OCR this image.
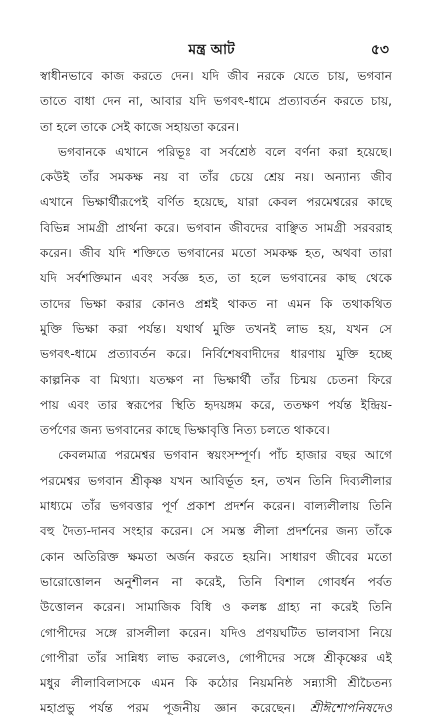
মন্ত্র আট	৫৩
স্বাধীনভাবে কাজ করতে দেন। যদি জীব নরকে যেতে চায়, ভগবান
তাতে বাধা দেন না, আবার যদি ভগবৎ-ধামে প্রত্যাবর্তন করতে চায়,
তা হলে তাকে সেই কাজে সহায়তা করেন।
ভগবানকে এখানে পরিভূঃ বা সর্বশ্রেষ্ঠ বলে বর্ণনা করা হয়েছে।
কেউই তাঁর সমকক্ষ নয় বা তাঁর চেয়ে শ্রেয় নয়। অন্যান্য জীব
এখানে ভিক্ষার্থীরূপেই বর্ণিত হয়েছে, যারা কেবল পরমেশ্বরের কাছে
বিভিন্ন সামগ্রী প্রার্থনা করে। ভগবান জীবদের বাঞ্ছিত সামগ্রী সরবরাহ
করেন। জীব যদি শক্তিতে ভগবানের মতো সমকক্ষ হত, অথবা তারা
যদি সর্বশক্তিমান এবং সর্বজ্ঞ হত, তা হলে ভগবানের কাছ থেকে
তাদের ভিক্ষা করার কোনও প্রশ্নই থাকত না এমন কি তথাকথিত
মুক্তি ভিক্ষা করা পর্যন্ত। যথার্থ মুক্তি তখনই লাভ হয়, যখন সে
ভগবৎ-ধামে প্রত্যাবর্তন করে। নির্বিশেষবাদীদের ধারণায় মুক্তি হচ্ছে
কাল্পনিক বা মিথ্যা। যতক্ষণ না ভিক্ষার্থী তাঁর চিন্ময় চেতনা ফিরে
পায় এবং তার স্বরূপের স্থিতি হৃদয়ঙ্গম করে, ততক্ষণ পর্যন্ত ইন্দ্রিয়-
তর্পণের জন্য ভগবানের কাছে ভিক্ষাবৃত্তি নিত্য চলতে থাকবে।
কেবলমাত্র পরমেশ্বর ভগবান স্বয়ংসম্পূর্ণ। পাঁচ হাজার বছর আগে
পরমেশ্বর ভগবান শ্রীকৃষ্ণ যখন আবির্ভূত হন, তখন তিনি দিব্যলীলার
মাধ্যমে তাঁর ভগবত্তার পূর্ণ প্রকাশ প্রদর্শন করেন। বাল্যলীলায় তিনি
বহু দৈত্য-দানব সংহার করেন। সে সমস্ত লীলা প্রদর্শনের জন্য তাঁকে
কোন অতিরিক্ত ক্ষমতা অর্জন করতে হয়নি। সাধারণ জীবের মতো
ভারোত্তোলন অনুশীলন না করেই, তিনি বিশাল গোবর্ধন পর্বত
উত্তোলন করেন। সামাজিক বিধি ও কলঙ্ক গ্রাহ্য না করেই তিনি
গোপীদের সঙ্গে রাসলীলা করেন। যদিও প্রণয়ঘটিত ভালবাসা নিয়ে
গোপীরা তাঁর সান্নিধ্য লাভ করলেও, গোপীদের সঙ্গে শ্রীকৃষ্ণের এই
মধুর লীলাবিলাসকে এমন কি কঠোর নিয়মনিষ্ঠ সন্ন্যাসী শ্রীচৈতন্য
মহাপ্রভু পর্যন্ত পরম পূজনীয় জ্ঞান করেছেন। শ্রীঈশোপনিষদেও
